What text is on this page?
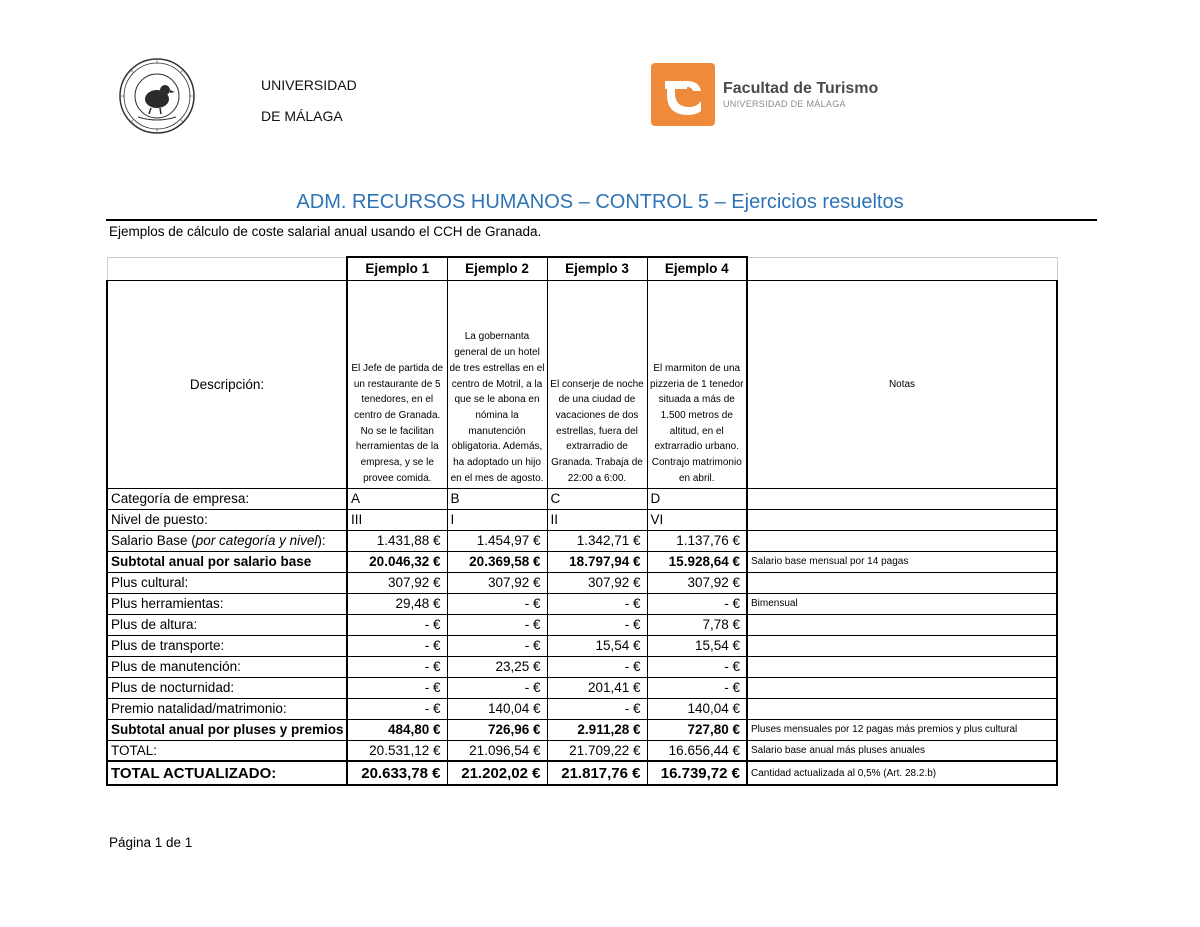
UNIVERSIDAD
DE MÁLAGA
Facultad de Turismo
UNIVERSIDAD DE MÁLAGA
ADM. RECURSOS HUMANOS – CONTROL 5 – Ejercicios resueltos
Ejemplos de cálculo de coste salarial anual usando el CCH de Granada.
	Ejemplo 1	Ejemplo 2	Ejemplo 3	Ejemplo 4	
Descripción:	El Jefe de partida de un restaurante de 5 tenedores, en el centro de Granada. No se le facilitan herramientas de la empresa, y se le provee comida.	La gobernanta general de un hotel de tres estrellas en el centro de Motril, a la que se le abona en nómina la manutención obligatoria. Además, ha adoptado un hijo en el mes de agosto.	El conserje de noche de una ciudad de vacaciones de dos estrellas, fuera del extrarradio de Granada. Trabaja de 22:00 a 6:00.	El marmiton de una pizzeria de 1 tenedor situada a más de 1.500 metros de altitud, en el extrarradio urbano. Contrajo matrimonio en abril.	Notas
Categoría de empresa:	A	B	C	D	
Nivel de puesto:	III	I	II	VI	
Salario Base (por categoría y nivel):	1.431,88 €	1.454,97 €	1.342,71 €	1.137,76 €	
Subtotal anual por salario base	20.046,32 €	20.369,58 €	18.797,94 €	15.928,64 €	Salario base mensual por 14 pagas
Plus cultural:	307,92 €	307,92 €	307,92 €	307,92 €	
Plus herramientas:	29,48 €	- €	- €	- €	Bimensual
Plus de altura:	- €	- €	- €	7,78 €	
Plus de transporte:	- €	- €	15,54 €	15,54 €	
Plus de manutención:	- €	23,25 €	- €	- €	
Plus de nocturnidad:	- €	- €	201,41 €	- €	
Premio natalidad/matrimonio:	- €	140,04 €	- €	140,04 €	
Subtotal anual por pluses y premios	484,80 €	726,96 €	2.911,28 €	727,80 €	Pluses mensuales por 12 pagas más premios y plus cultural
TOTAL:	20.531,12 €	21.096,54 €	21.709,22 €	16.656,44 €	Salario base anual más pluses anuales
TOTAL ACTUALIZADO:	20.633,78 €	21.202,02 €	21.817,76 €	16.739,72 €	Cantidad actualizada al 0,5% (Art. 28.2.b)
Página 1 de 1
